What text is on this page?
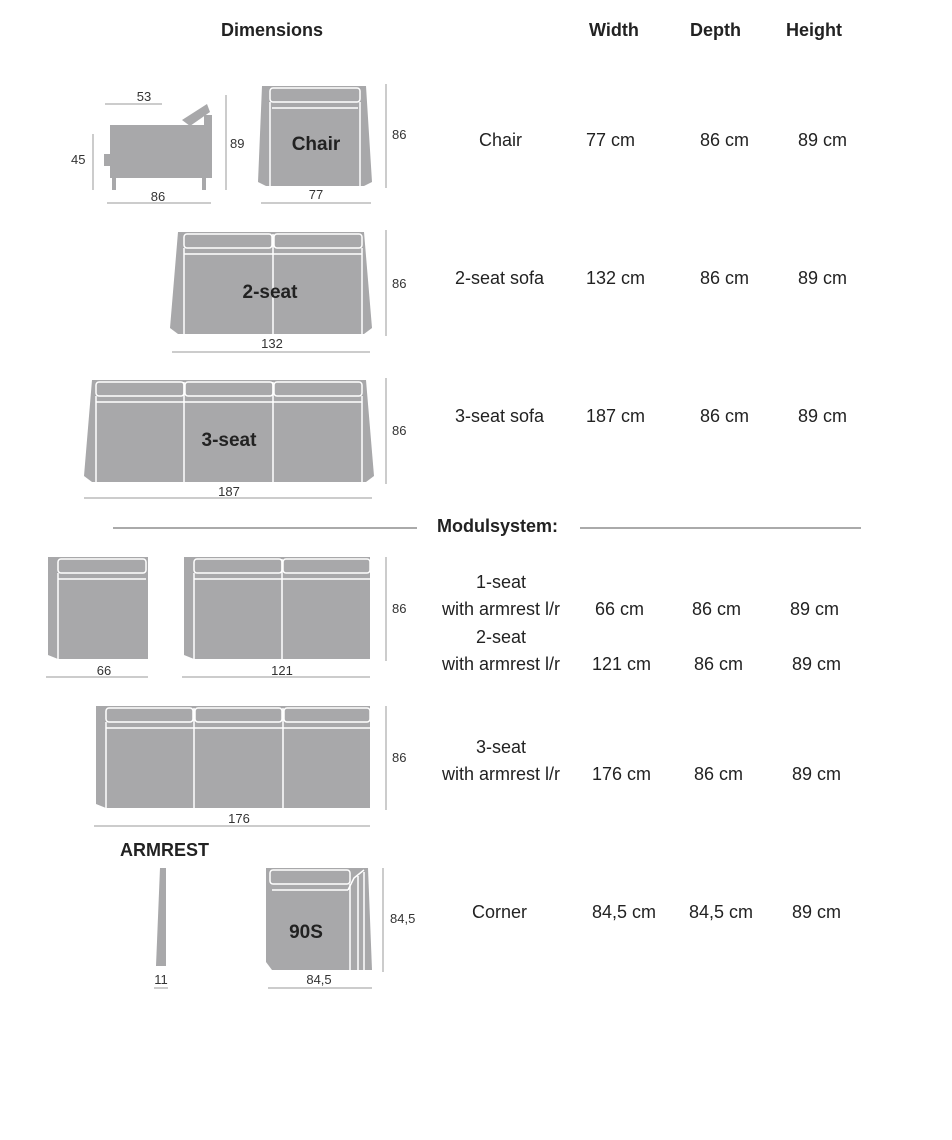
Dimensions	Width	Depth	Height
53
45
89
86
Chair	86
77
Chair	77 cm	86 cm	89 cm
2-seat	86
132
2-seat sofa 132 cm	86 cm	89 cm
3-seat	86
187
3-seat sofa 187 cm	86 cm	89 cm
Modulsystem:
66
86
121
1-seat
with armrest l/r	66 cm	86 cm	89 cm
2-seat
with armrest l/r	121 cm 86 cm	89 cm
86
176
3-seat
with armrest l/r	176 cm 86 cm	89 cm
ARMREST
11
90S
84,5
84,5
Corner	84,5 cm 84,5 cm 89 cm
